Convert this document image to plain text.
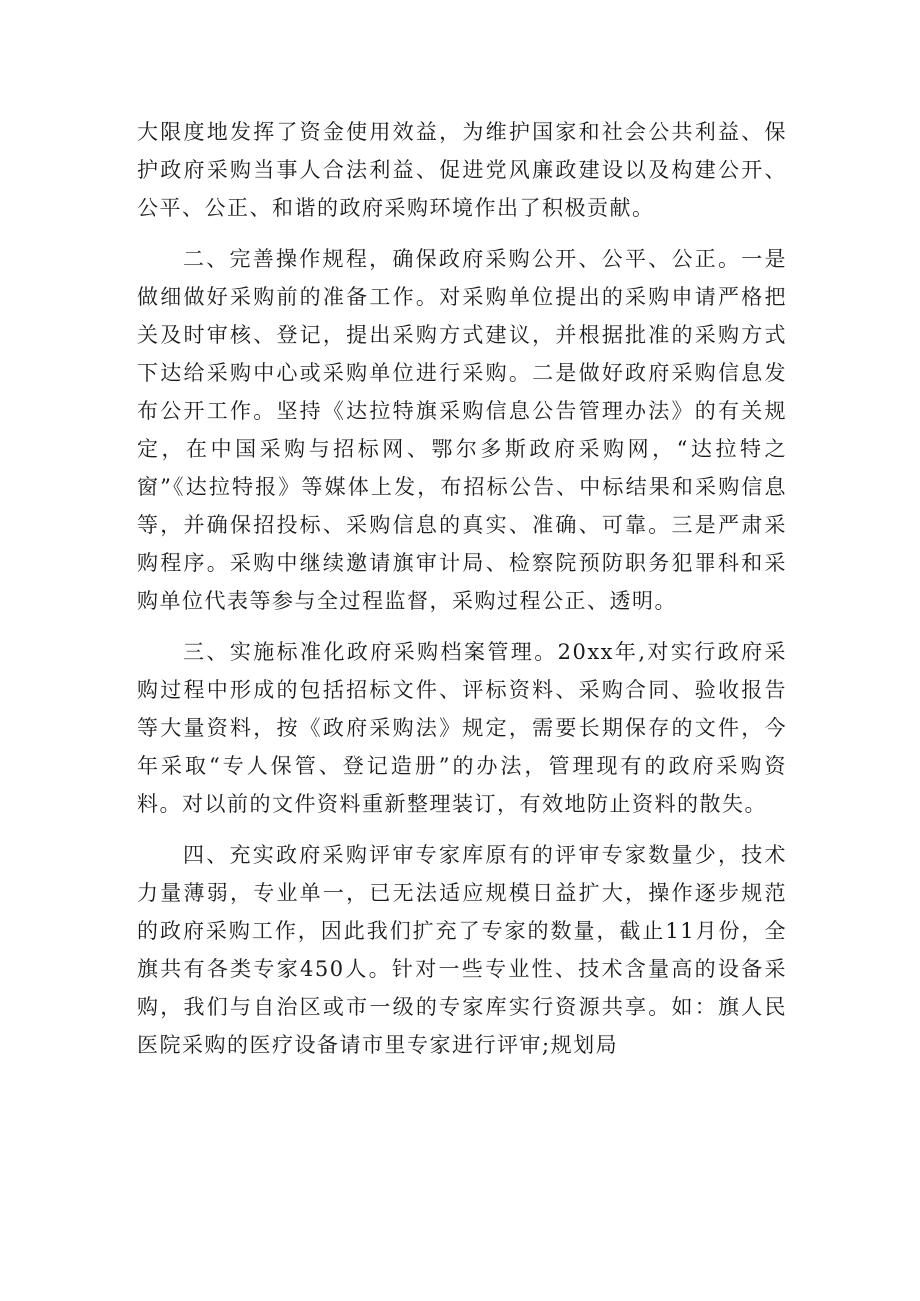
大限度地发挥了资金使用效益，为维护国家和社会公共利益、保护政府采购当事人合法利益、促进党风廉政建设以及构建公开、公平、公正、和谐的政府采购环境作出了积极贡献。

二、完善操作规程，确保政府采购公开、公平、公正。一是做细做好采购前的准备工作。对采购单位提出的采购申请严格把关及时审核、登记，提出采购方式建议，并根据批准的采购方式下达给采购中心或采购单位进行采购。二是做好政府采购信息发布公开工作。坚持《达拉特旗采购信息公告管理办法》的有关规定，在中国采购与招标网、鄂尔多斯政府采购网，“达拉特之窗”《达拉特报》等媒体上发，布招标公告、中标结果和采购信息等，并确保招投标、采购信息的真实、准确、可靠。三是严肃采购程序。采购中继续邀请旗审计局、检察院预防职务犯罪科和采购单位代表等参与全过程监督，采购过程公正、透明。

三、实施标准化政府采购档案管理。20xx年,对实行政府采购过程中形成的包括招标文件、评标资料、采购合同、验收报告等大量资料，按《政府采购法》规定，需要长期保存的文件，今年采取“专人保管、登记造册”的办法，管理现有的政府采购资料。对以前的文件资料重新整理装订，有效地防止资料的散失。

四、充实政府采购评审专家库原有的评审专家数量少，技术力量薄弱，专业单一，已无法适应规模日益扩大，操作逐步规范的政府采购工作，因此我们扩充了专家的数量，截止11月份，全旗共有各类专家450人。针对一些专业性、技术含量高的设备采购，我们与自治区或市一级的专家库实行资源共享。如：旗人民医院采购的医疗设备请市里专家进行评审;规划局
